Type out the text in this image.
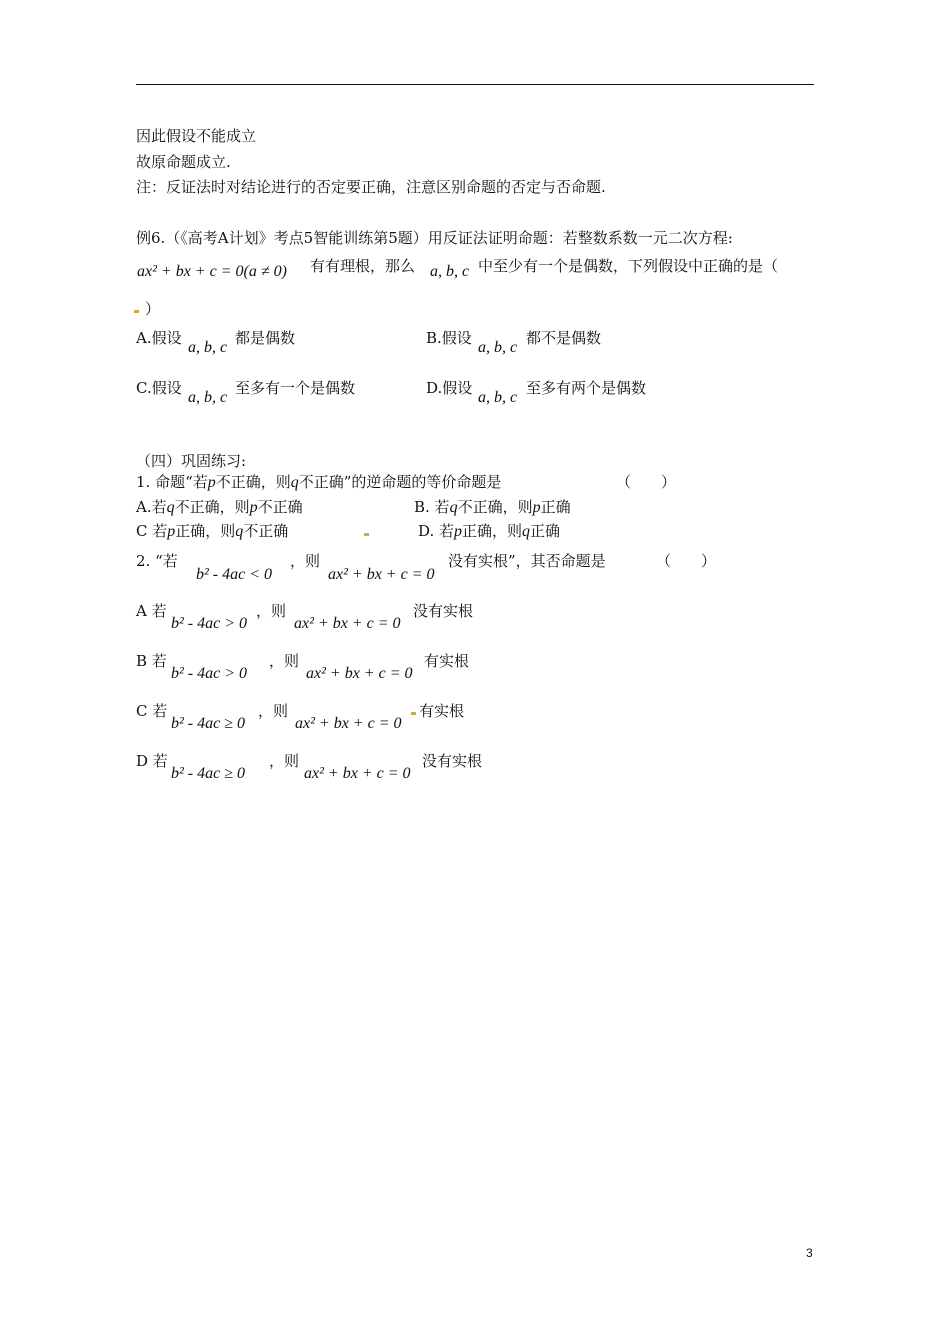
因此假设不能成立
故原命题成立.
注：反证法时对结论进行的否定要正确，注意区别命题的否定与否命题.
例6.（《高考A计划》考点5智能训练第5题）用反证法证明命题：若整数系数一元二次方程:
ax² + bx + c = 0(a ≠ 0) 有有理根，那么 a, b, c 中至少有一个是偶数，下列假设中正确的是（
）
A.假设
a, b, c
都是偶数	B.假设
a, b, c
都不是偶数
C.假设
a, b, c
至多有一个是偶数	D.假设
a, b, c
至多有两个是偶数
（四）巩固练习:
1. 命题“若p不正确，则q不正确”的逆命题的等价命题是	（　　）
A.若q不正确，则p不正确	B. 若q不正确，则p正确
C 若p正确，则q不正确	D. 若p正确，则q正确
2. “若
b² - 4ac < 0
，则
ax² + bx + c = 0
没有实根”，其否命题是	（　　）
A 若
b² - 4ac > 0
，则
ax² + bx + c = 0
没有实根
B 若
b² - 4ac > 0
，则
ax² + bx + c = 0
有实根
C 若
b² - 4ac ≥ 0
，则
ax² + bx + c = 0
有实根
D 若
b² - 4ac ≥ 0
，则
ax² + bx + c = 0
没有实根
3
